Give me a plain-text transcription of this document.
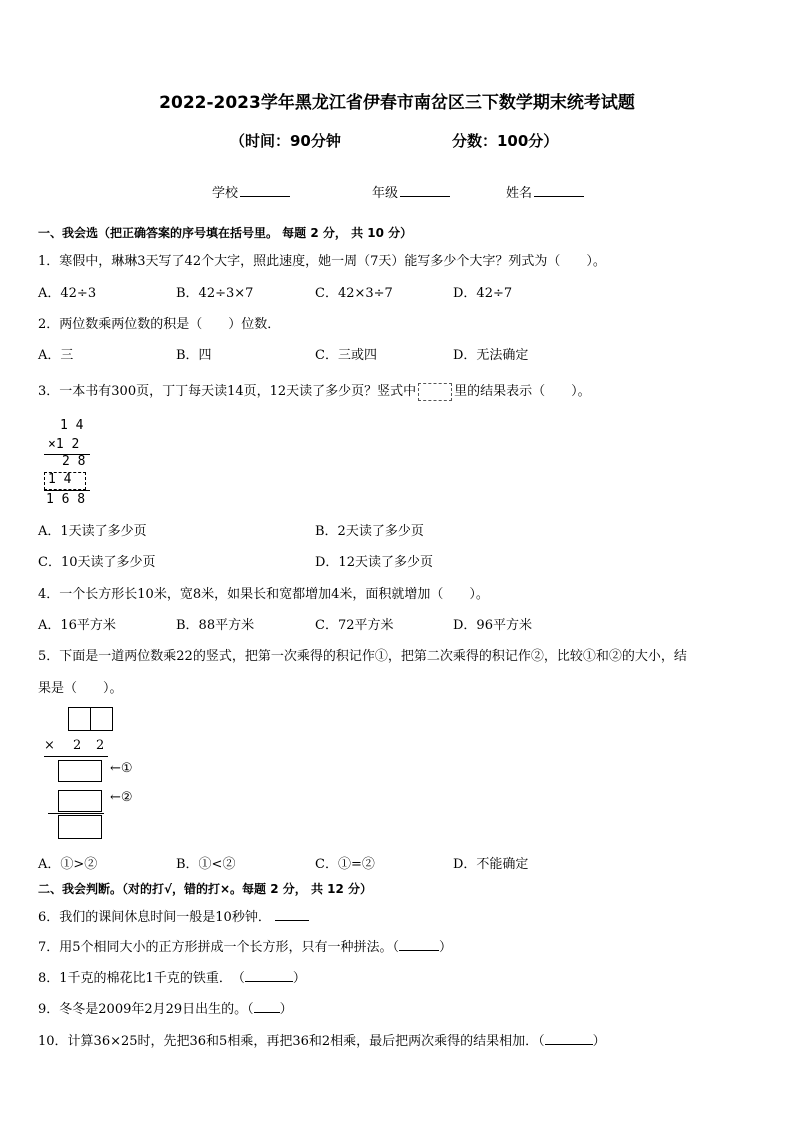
2022-2023学年黑龙江省伊春市南岔区三下数学期末统考试题
（时间：90分钟	分数：100分）
学校	年级	姓名
一、我会选（把正确答案的序号填在括号里。 每题 2 分， 共 10 分）
1．寒假中，琳琳3天写了42个大字，照此速度，她一周（7天）能写多少个大字？列式为（　　）。
A．42÷3	B．42÷3×7	C．42×3÷7	D．42÷7
2．两位数乘两位数的积是（　　）位数．
A．三	B．四	C．三或四	D．无法确定
3．一本书有300页，丁丁每天读14页，12天读了多少页？竖式中	里的结果表示（　　）。
1 4
×1 2
2 8
1 4
1 6 8
A．1天读了多少页	B．2天读了多少页
C．10天读了多少页	D．12天读了多少页
4．一个长方形长10米，宽8米，如果长和宽都增加4米，面积就增加（　　）。
A．16平方米	B．88平方米	C．72平方米	D．96平方米
5．下面是一道两位数乘22的竖式，把第一次乘得的积记作①，把第二次乘得的积记作②，比较①和②的大小，结
果是（　　）。
× 2 2
←①
←②
A．①>②	B．①<②	C．①=②	D．不能确定
二、我会判断。（对的打√，错的打×。每题 2 分， 共 12 分）
6．我们的课间休息时间一般是10秒钟．
7．用5个相同大小的正方形拼成一个长方形，只有一种拼法。（	）
8．1千克的棉花比1千克的铁重．　（	）
9．冬冬是2009年2月29日出生的。（ ）
10．计算36×25时，先把36和5相乘，再把36和2相乘，最后把两次乘得的结果相加．（	）
